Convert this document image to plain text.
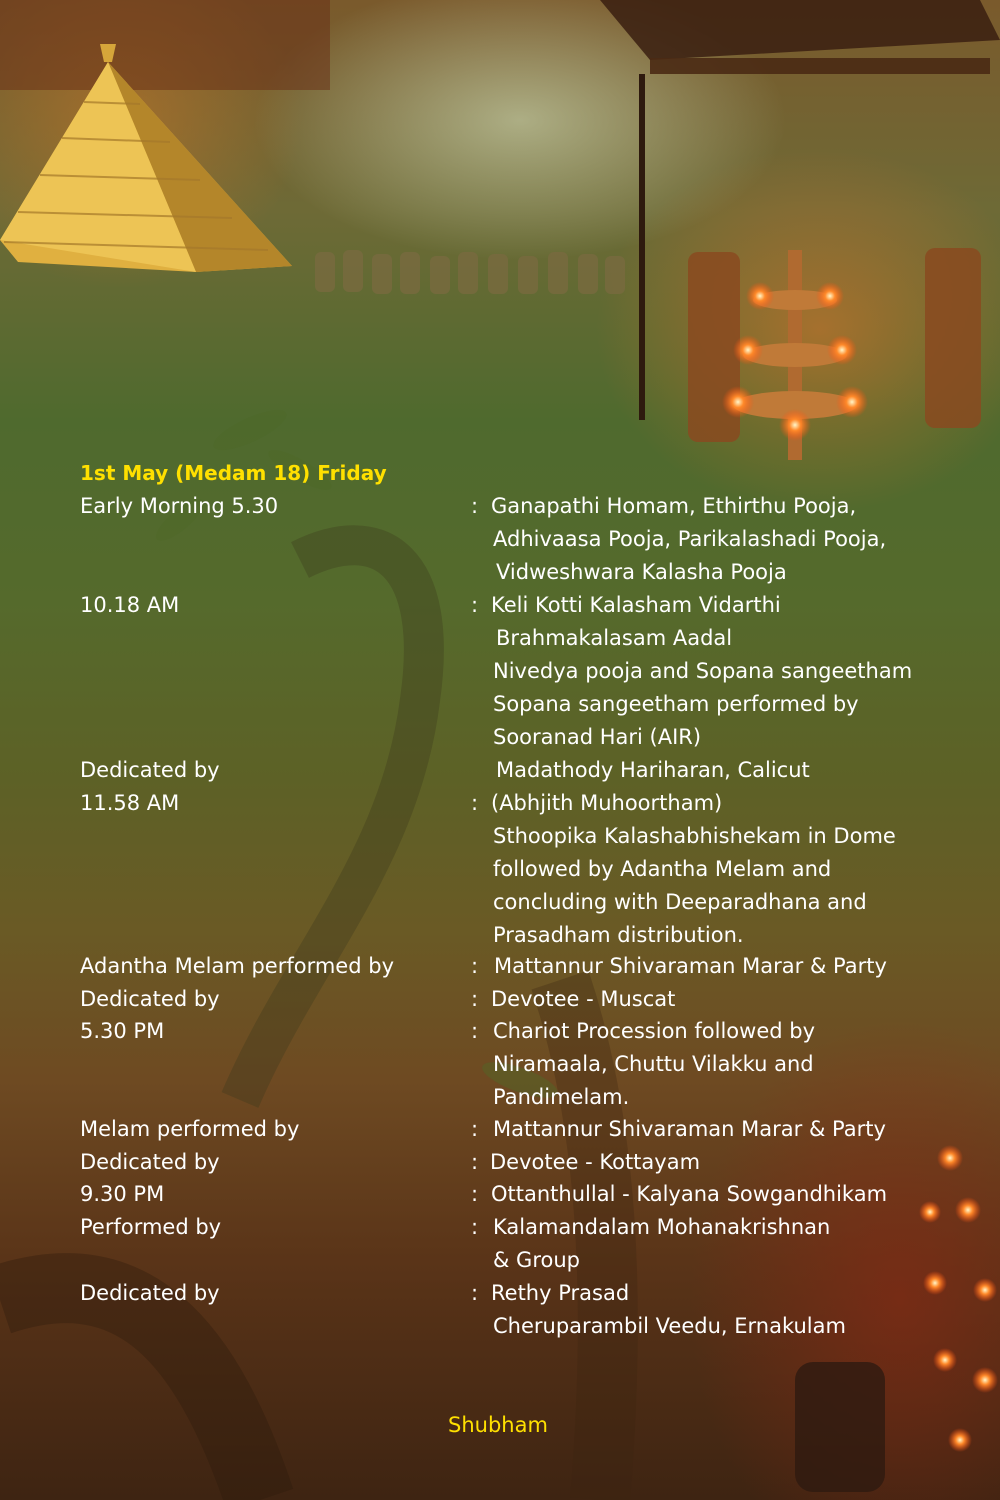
1st May (Medam 18) Friday
Early Morning 5.30	: Ganapathi Homam, Ethirthu Pooja,
Adhivaasa Pooja, Parikalashadi Pooja,
Vidweshwara Kalasha Pooja
10.18 AM	: Keli Kotti Kalasham Vidarthi
Brahmakalasam Aadal
Nivedya pooja and Sopana sangeetham
Sopana sangeetham performed by
Sooranad Hari (AIR)
Dedicated by	Madathody Hariharan, Calicut
11.58 AM	: (Abhjith Muhoortham)
Sthoopika Kalashabhishekam in Dome
followed by Adantha Melam and
concluding with Deeparadhana and
Prasadham distribution.
Adantha Melam performed by	: Mattannur Shivaraman Marar & Party
Dedicated by	: Devotee - Muscat
5.30 PM	: Chariot Procession followed by
Niramaala, Chuttu Vilakku and
Pandimelam.
Melam performed by	: Mattannur Shivaraman Marar & Party
Dedicated by	: Devotee - Kottayam
9.30 PM	: Ottanthullal - Kalyana Sowgandhikam
Performed by	: Kalamandalam Mohanakrishnan
& Group
Dedicated by	: Rethy Prasad
Cheruparambil Veedu, Ernakulam
Shubham
